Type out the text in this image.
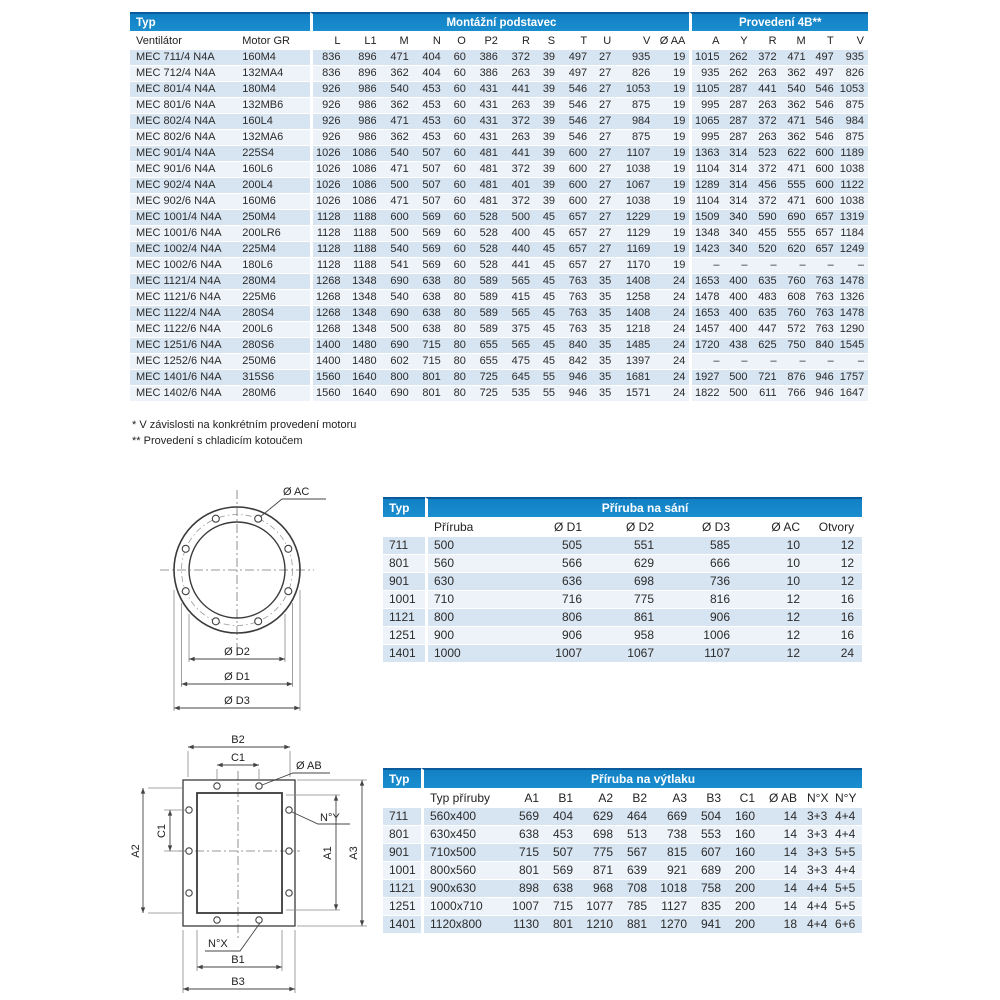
Typ		Montážní podstavec												Provedení 4B**					
Ventilátor	Motor GR	L	L1	M	N	O	P2	R	S	T	U	V	Ø AA	A	Y	R	M	T	V
MEC 711/4 N4A	160M4	836	896	471	404	60	386	372	39	497	27	935	19	1015	262	372	471	497	935
MEC 712/4 N4A	132MA4	836	896	362	404	60	386	263	39	497	27	826	19	935	262	263	362	497	826
MEC 801/4 N4A	180M4	926	986	540	453	60	431	441	39	546	27	1053	19	1105	287	441	540	546	1053
MEC 801/6 N4A	132MB6	926	986	362	453	60	431	263	39	546	27	875	19	995	287	263	362	546	875
MEC 802/4 N4A	160L4	926	986	471	453	60	431	372	39	546	27	984	19	1065	287	372	471	546	984
MEC 802/6 N4A	132MA6	926	986	362	453	60	431	263	39	546	27	875	19	995	287	263	362	546	875
MEC 901/4 N4A	225S4	1026	1086	540	507	60	481	441	39	600	27	1107	19	1363	314	523	622	600	1189
MEC 901/6 N4A	160L6	1026	1086	471	507	60	481	372	39	600	27	1038	19	1104	314	372	471	600	1038
MEC 902/4 N4A	200L4	1026	1086	500	507	60	481	401	39	600	27	1067	19	1289	314	456	555	600	1122
MEC 902/6 N4A	160M6	1026	1086	471	507	60	481	372	39	600	27	1038	19	1104	314	372	471	600	1038
MEC 1001/4 N4A	250M4	1128	1188	600	569	60	528	500	45	657	27	1229	19	1509	340	590	690	657	1319
MEC 1001/6 N4A	200LR6	1128	1188	500	569	60	528	400	45	657	27	1129	19	1348	340	455	555	657	1184
MEC 1002/4 N4A	225M4	1128	1188	540	569	60	528	440	45	657	27	1169	19	1423	340	520	620	657	1249
MEC 1002/6 N4A	180L6	1128	1188	541	569	60	528	441	45	657	27	1170	19	–	–	–	–	–	–
MEC 1121/4 N4A	280M4	1268	1348	690	638	80	589	565	45	763	35	1408	24	1653	400	635	760	763	1478
MEC 1121/6 N4A	225M6	1268	1348	540	638	80	589	415	45	763	35	1258	24	1478	400	483	608	763	1326
MEC 1122/4 N4A	280S4	1268	1348	690	638	80	589	565	45	763	35	1408	24	1653	400	635	760	763	1478
MEC 1122/6 N4A	200L6	1268	1348	500	638	80	589	375	45	763	35	1218	24	1457	400	447	572	763	1290
MEC 1251/6 N4A	280S6	1400	1480	690	715	80	655	565	45	840	35	1485	24	1720	438	625	750	840	1545
MEC 1252/6 N4A	250M6	1400	1480	602	715	80	655	475	45	842	35	1397	24	–	–	–	–	–	–
MEC 1401/6 N4A	315S6	1560	1640	800	801	80	725	645	55	946	35	1681	24	1927	500	721	876	946	1757
MEC 1402/6 N4A	280M6	1560	1640	690	801	80	725	535	55	946	35	1571	24	1822	500	611	766	946	1647
* V závislosti na konkrétním provedení motoru
** Provedení s chladicím kotoučem
Ø AC
Ø D2
Ø D1
Ø D3
Typ	Příruba na sání					
	Příruba	Ø D1	Ø D2	Ø D3	Ø AC	Otvory
711	500	505	551	585	10	12
801	560	566	629	666	10	12
901	630	636	698	736	10	12
1001	710	716	775	816	12	16
1121	800	806	861	906	12	16
1251	900	906	958	1006	12	16
1401	1000	1007	1067	1107	12	24
B2
C1
Ø AB
N°Y
A2
C1
A1 A3
N°X
B1
B3
Typ	Příruba na výtlaku										
	Typ příruby	A1	B1	A2	B2	A3	B3	C1	Ø AB	N°X	N°Y
711	560x400	569	404	629	464	669	504	160	14	3+3	4+4
801	630x450	638	453	698	513	738	553	160	14	3+3	4+4
901	710x500	715	507	775	567	815	607	160	14	3+3	5+5
1001	800x560	801	569	871	639	921	689	200	14	3+3	4+4
1121	900x630	898	638	968	708	1018	758	200	14	4+4	5+5
1251	1000x710	1007	715	1077	785	1127	835	200	14	4+4	5+5
1401	1120x800	1130	801	1210	881	1270	941	200	18	4+4	6+6
